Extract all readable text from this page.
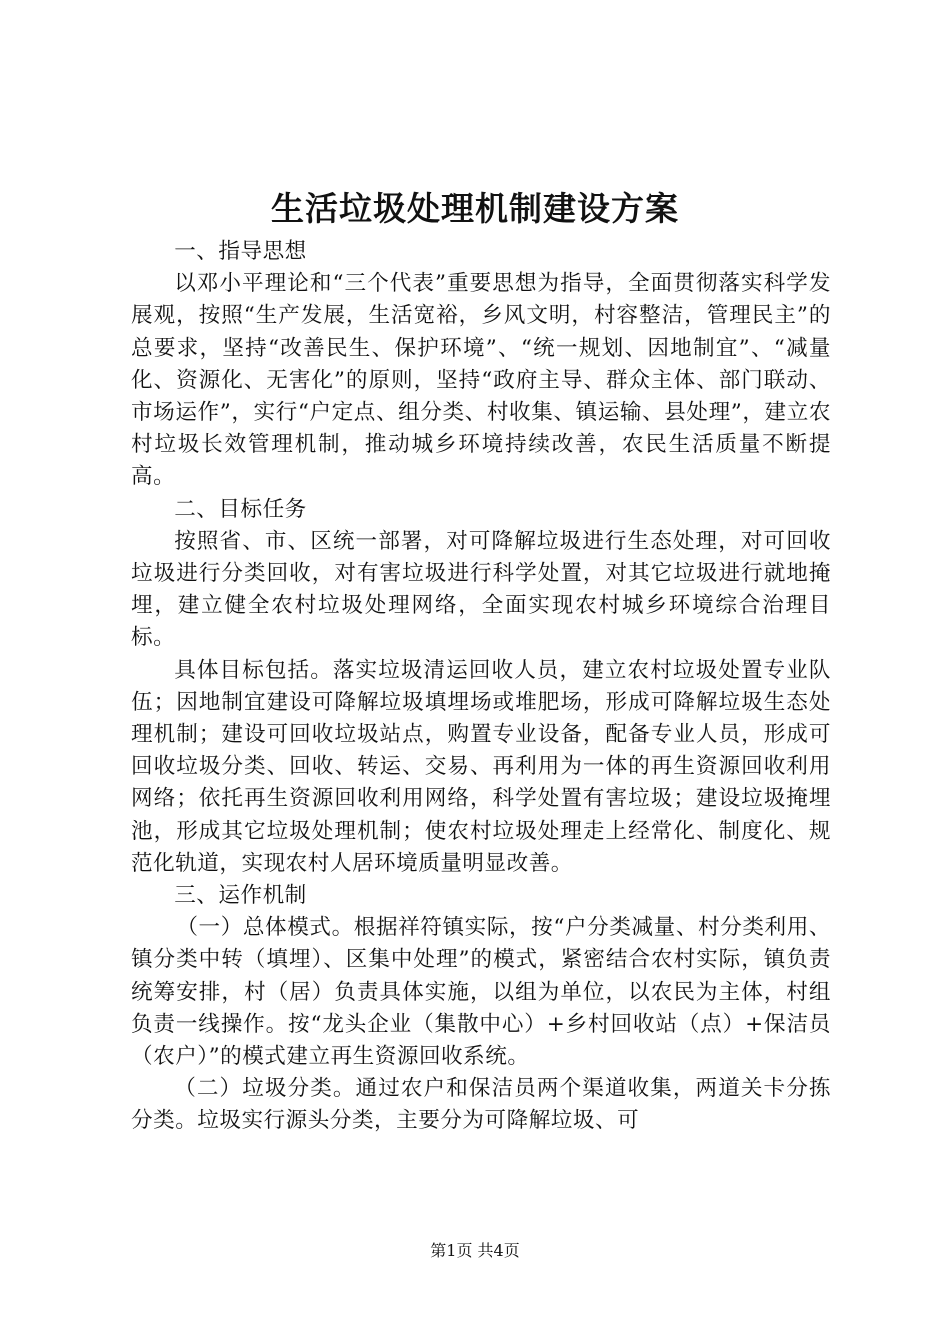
生活垃圾处理机制建设方案

一、指导思想

以邓小平理论和“三个代表”重要思想为指导，全面贯彻落实科学发展观，按照“生产发展，生活宽裕，乡风文明，村容整洁，管理民主”的总要求，坚持“改善民生、保护环境”、“统一规划、因地制宜”、“减量化、资源化、无害化”的原则，坚持“政府主导、群众主体、部门联动、市场运作”，实行“户定点、组分类、村收集、镇运输、县处理”，建立农村垃圾长效管理机制，推动城乡环境持续改善，农民生活质量不断提高。

二、目标任务

按照省、市、区统一部署，对可降解垃圾进行生态处理，对可回收垃圾进行分类回收，对有害垃圾进行科学处置，对其它垃圾进行就地掩埋，建立健全农村垃圾处理网络，全面实现农村城乡环境综合治理目标。

具体目标包括。落实垃圾清运回收人员，建立农村垃圾处置专业队伍；因地制宜建设可降解垃圾填埋场或堆肥场，形成可降解垃圾生态处理机制；建设可回收垃圾站点，购置专业设备，配备专业人员，形成可回收垃圾分类、回收、转运、交易、再利用为一体的再生资源回收利用网络；依托再生资源回收利用网络，科学处置有害垃圾；建设垃圾掩埋池，形成其它垃圾处理机制；使农村垃圾处理走上经常化、制度化、规范化轨道，实现农村人居环境质量明显改善。

三、运作机制

（一）总体模式。根据祥符镇实际，按“户分类减量、村分类利用、镇分类中转（填埋）、区集中处理”的模式，紧密结合农村实际，镇负责统筹安排，村（居）负责具体实施，以组为单位，以农民为主体，村组负责一线操作。按“龙头企业（集散中心）+乡村回收站（点）+保洁员（农户）”的模式建立再生资源回收系统。

（二）垃圾分类。通过农户和保洁员两个渠道收集，两道关卡分拣分类。垃圾实行源头分类，主要分为可降解垃圾、可

第1页 共4页
